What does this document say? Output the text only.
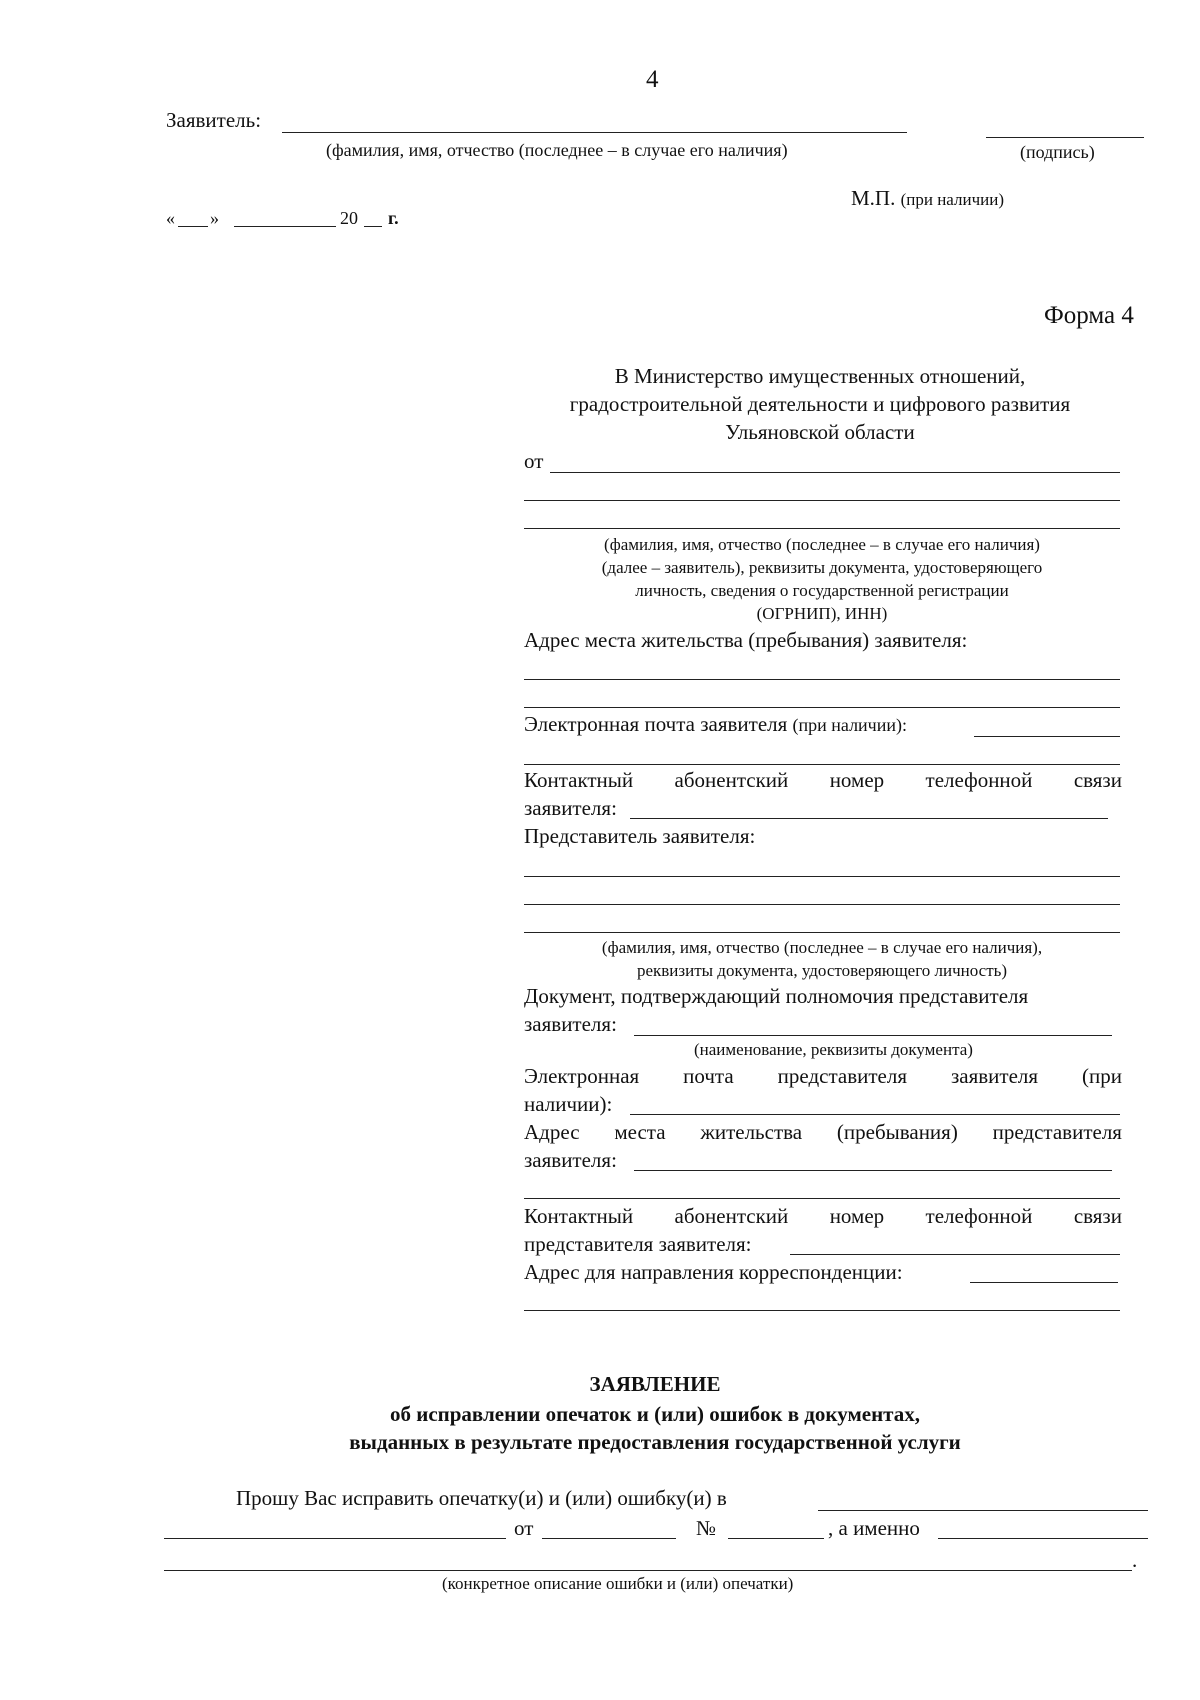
4
Заявитель:
(фамилия, имя, отчество (последнее – в случае его наличия)	(подпись)
М.П. (при наличии)
« »	20 г.
Форма 4
В Министерство имущественных отношений,
градостроительной деятельности и цифрового развития
Ульяновской области
от
(фамилия, имя, отчество (последнее – в случае его наличия)
(далее – заявитель), реквизиты документа, удостоверяющего
личность, сведения о государственной регистрации
(ОГРНИП), ИНН)
Адрес места жительства (пребывания) заявителя:
Электронная почта заявителя (при наличии):
Контактный абонентский номер телефонной связи
заявителя:
Представитель заявителя:
(фамилия, имя, отчество (последнее – в случае его наличия),
реквизиты документа, удостоверяющего личность)
Документ, подтверждающий полномочия представителя
заявителя:
(наименование, реквизиты документа)
Электронная почта представителя заявителя (при
наличии):
Адрес места жительства (пребывания) представителя
заявителя:
Контактный абонентский номер телефонной связи
представителя заявителя:
Адрес для направления корреспонденции:
ЗАЯВЛЕНИЕ
об исправлении опечаток и (или) ошибок в документах,
выданных в результате предоставления государственной услуги
Прошу Вас исправить опечатку(и) и (или) ошибку(и) в
от	№	, а именно
.
(конкретное описание ошибки и (или) опечатки)
